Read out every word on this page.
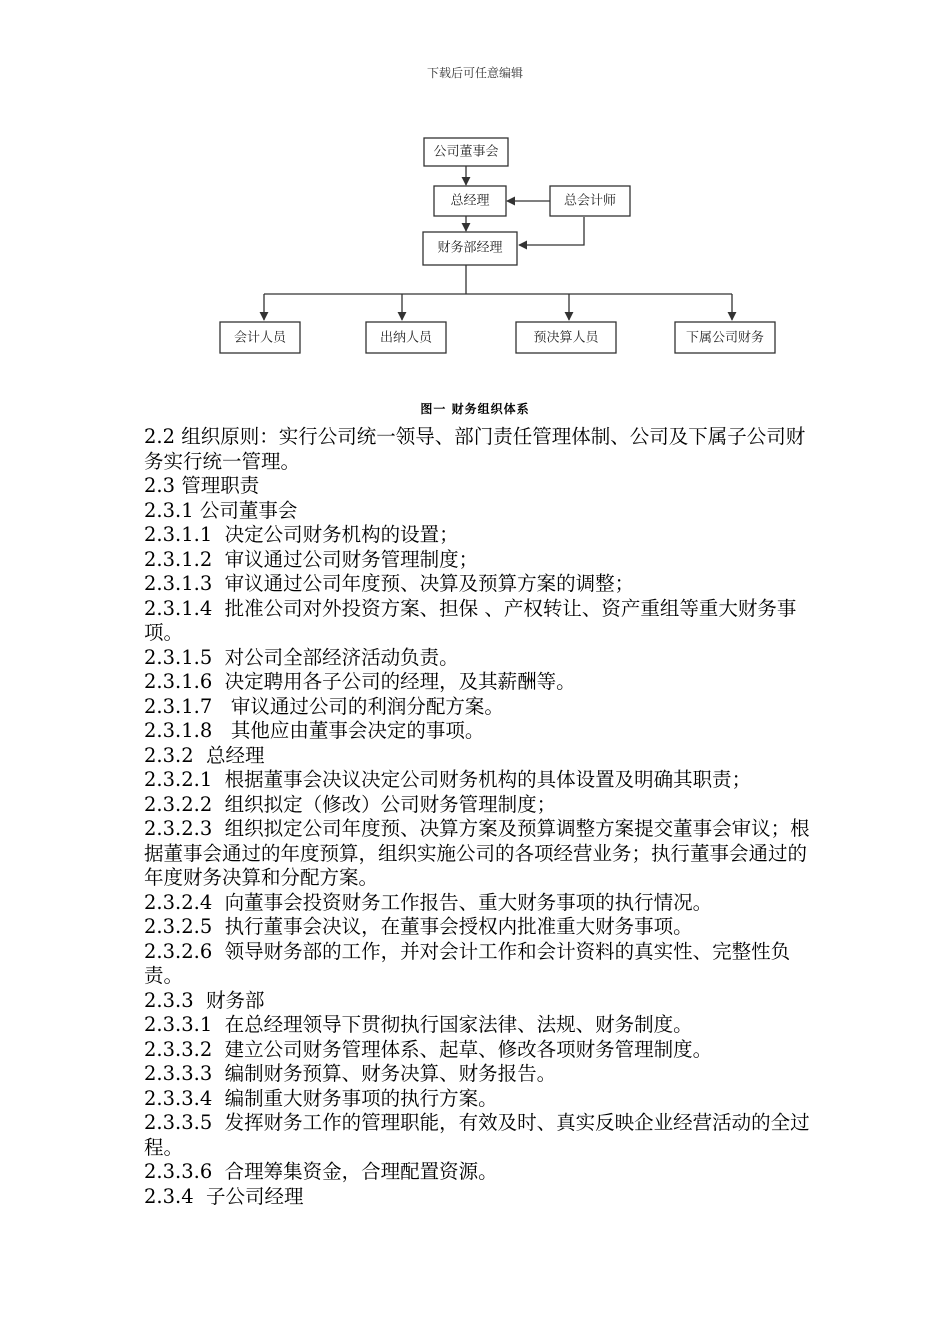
下载后可任意编辑
公司董事会
总经理	总会计师
财务部经理
会计人员	出纳人员	预决算人员	下属公司财务
图一 财务组织体系

2.2 组织原则：实行公司统一领导、部门责任管理体制、公司及下属子公司财务实行统一管理。

2.3 管理职责

2.3.1 公司董事会

2.3.1.1  决定公司财务机构的设置；

2.3.1.2  审议通过公司财务管理制度；

2.3.1.3  审议通过公司年度预、决算及预算方案的调整；

2.3.1.4  批准公司对外投资方案、担保 、产权转让、资产重组等重大财务事项。

2.3.1.5  对公司全部经济活动负责。

2.3.1.6  决定聘用各子公司的经理，及其薪酬等。

2.3.1.7   审议通过公司的利润分配方案。

2.3.1.8   其他应由董事会决定的事项。

2.3.2  总经理

2.3.2.1  根据董事会决议决定公司财务机构的具体设置及明确其职责；

2.3.2.2  组织拟定（修改）公司财务管理制度；

2.3.2.3  组织拟定公司年度预、决算方案及预算调整方案提交董事会审议；根据董事会通过的年度预算，组织实施公司的各项经营业务；执行董事会通过的年度财务决算和分配方案。

2.3.2.4  向董事会投资财务工作报告、重大财务事项的执行情况。

2.3.2.5  执行董事会决议，在董事会授权内批准重大财务事项。

2.3.2.6  领导财务部的工作，并对会计工作和会计资料的真实性、完整性负责。

2.3.3  财务部

2.3.3.1  在总经理领导下贯彻执行国家法律、法规、财务制度。

2.3.3.2  建立公司财务管理体系、起草、修改各项财务管理制度。

2.3.3.3  编制财务预算、财务决算、财务报告。

2.3.3.4  编制重大财务事项的执行方案。

2.3.3.5  发挥财务工作的管理职能，有效及时、真实反映企业经营活动的全过程。

2.3.3.6  合理筹集资金，合理配置资源。

2.3.4  子公司经理
